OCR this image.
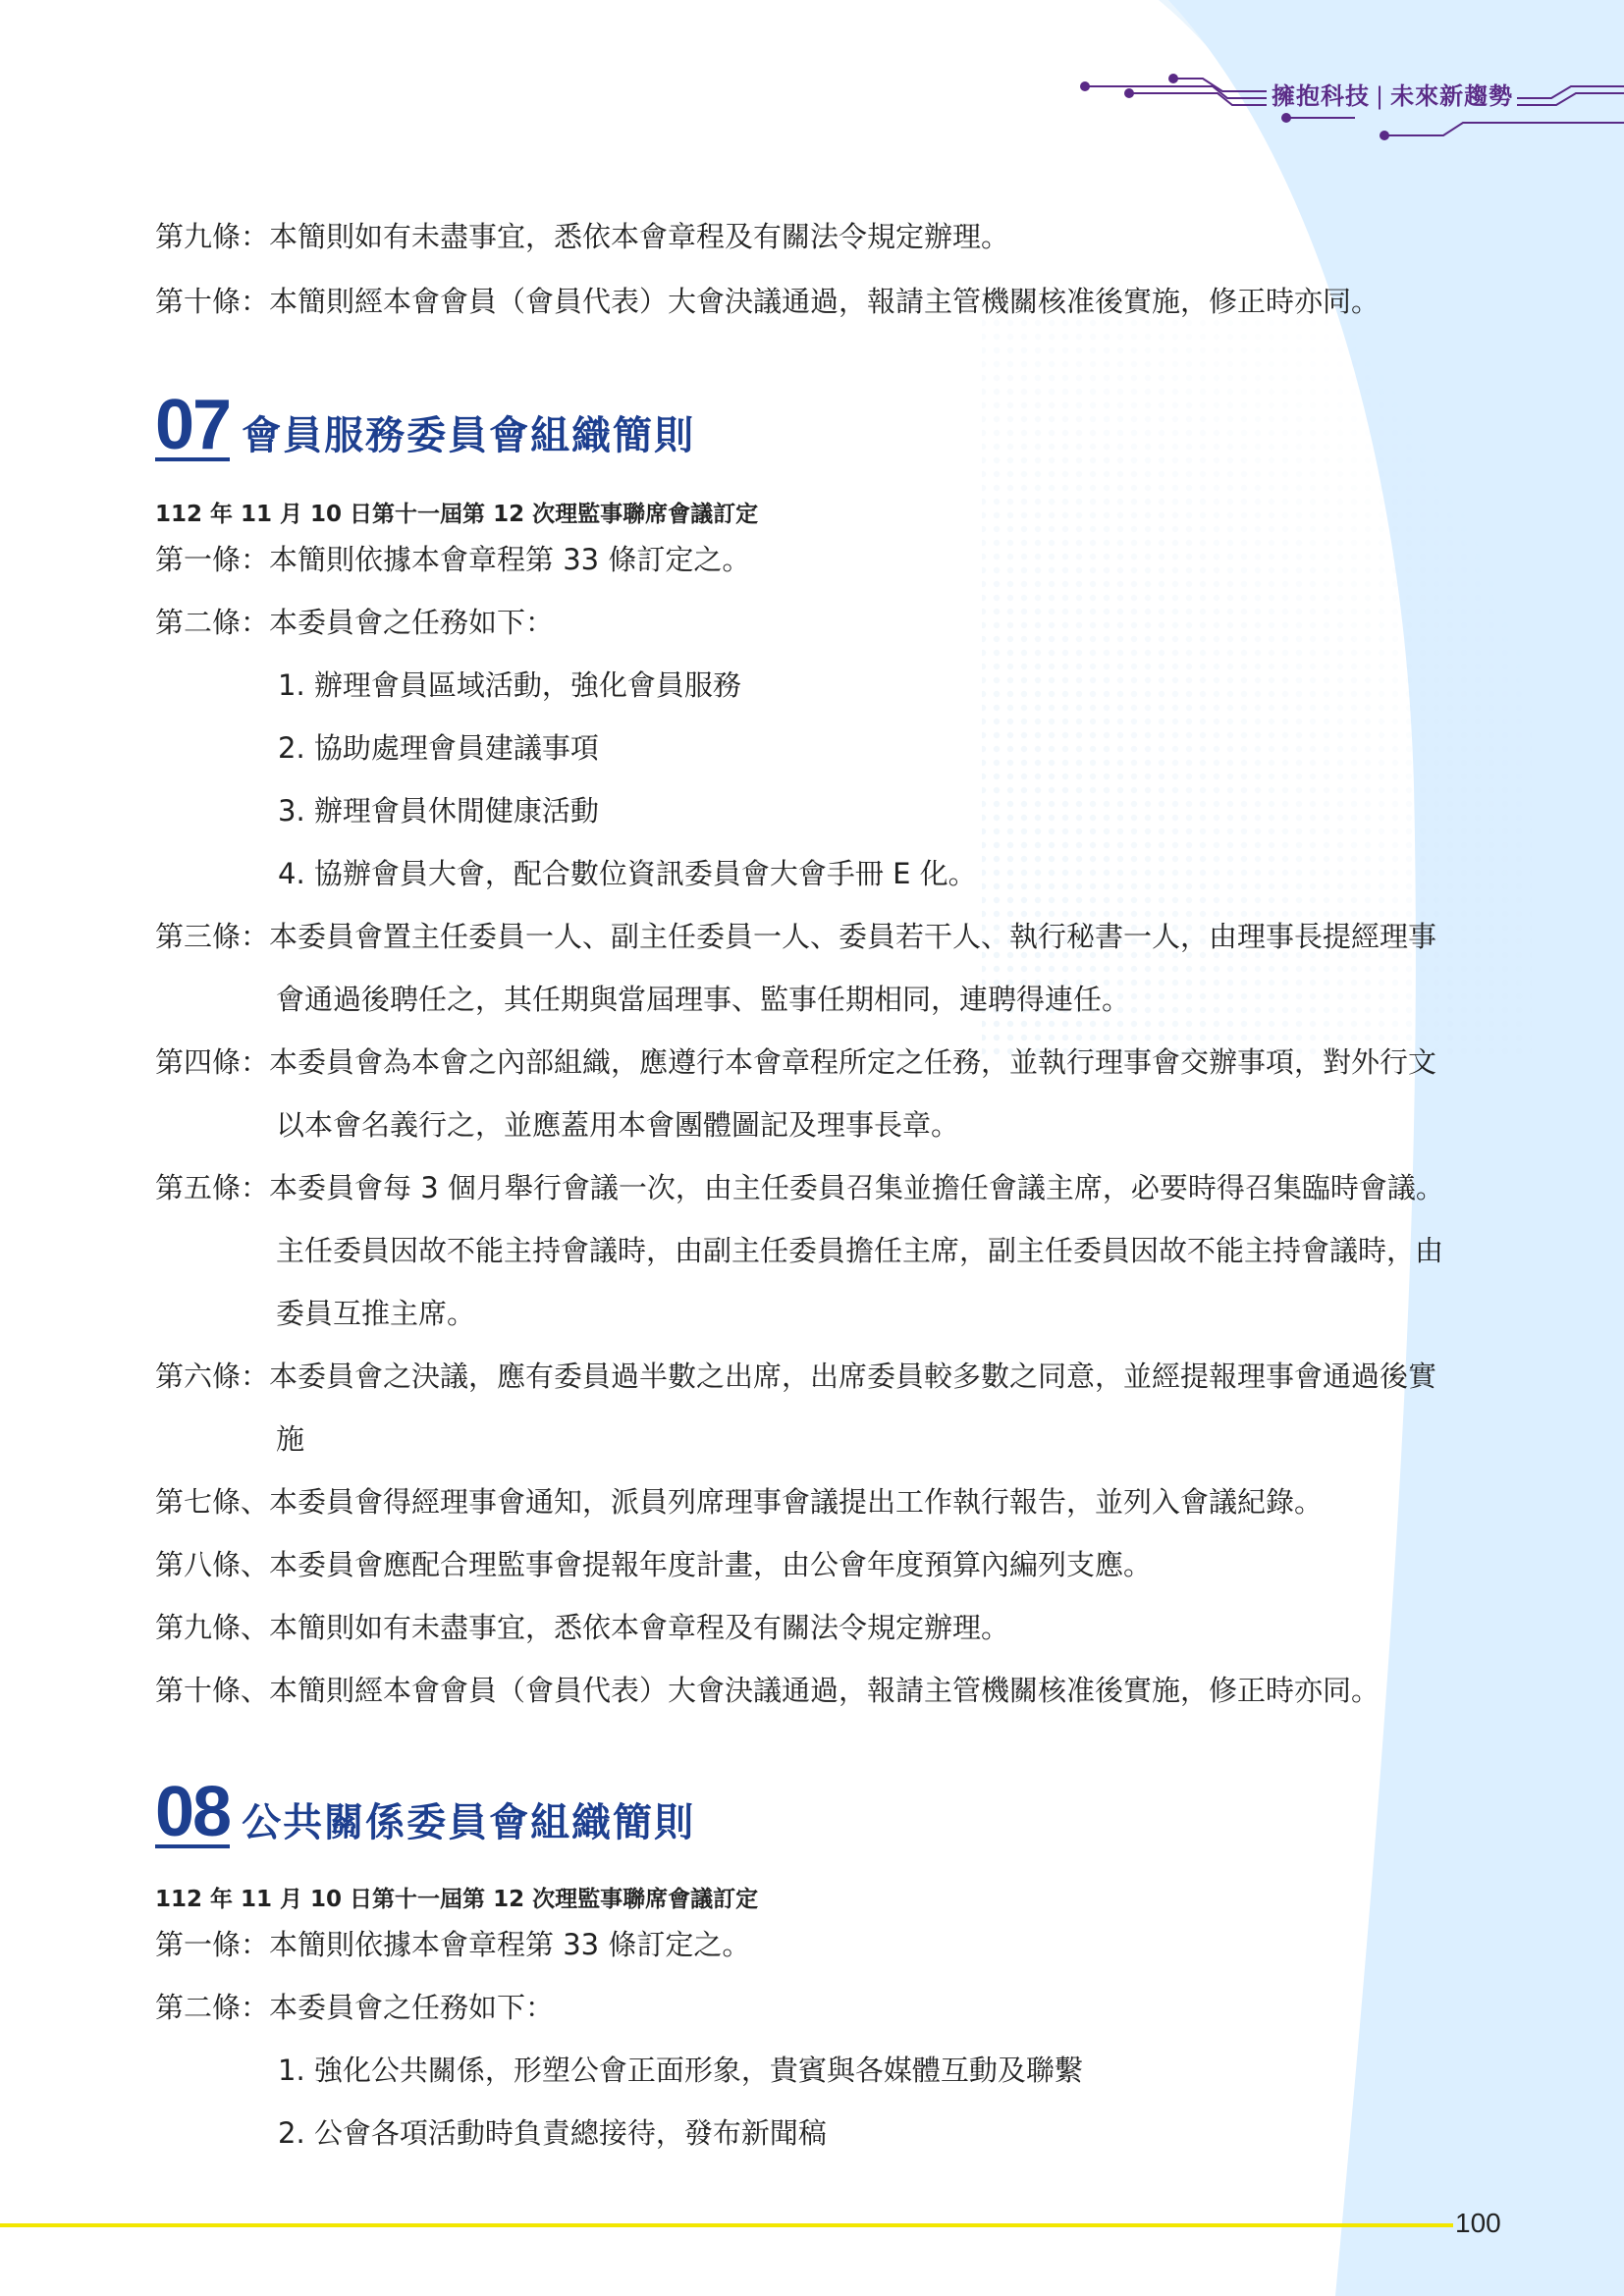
擁抱科技 | 未來新趨勢
第九條：本簡則如有未盡事宜，悉依本會章程及有關法令規定辦理。
第十條：本簡則經本會會員（會員代表）大會決議通過，報請主管機關核准後實施，修正時亦同。
07 會員服務委員會組織簡則
112 年 11 月 10 日第十一屆第 12 次理監事聯席會議訂定
第一條：本簡則依據本會章程第 33 條訂定之。
第二條：本委員會之任務如下：
1. 辦理會員區域活動，強化會員服務
2. 協助處理會員建議事項
3. 辦理會員休閒健康活動
4. 協辦會員大會，配合數位資訊委員會大會手冊 E 化。
第三條：本委員會置主任委員一人、副主任委員一人、委員若干人、執行秘書一人，由理事長提經理事
會通過後聘任之，其任期與當屆理事、監事任期相同，連聘得連任。
第四條：本委員會為本會之內部組織，應遵行本會章程所定之任務，並執行理事會交辦事項，對外行文
以本會名義行之，並應蓋用本會團體圖記及理事長章。
第五條：本委員會每 3 個月舉行會議一次，由主任委員召集並擔任會議主席，必要時得召集臨時會議。
主任委員因故不能主持會議時，由副主任委員擔任主席，副主任委員因故不能主持會議時，由
委員互推主席。
第六條：本委員會之決議，應有委員過半數之出席，出席委員較多數之同意，並經提報理事會通過後實
施
第七條、本委員會得經理事會通知，派員列席理事會議提出工作執行報告，並列入會議紀錄。
第八條、本委員會應配合理監事會提報年度計畫，由公會年度預算內編列支應。
第九條、本簡則如有未盡事宜，悉依本會章程及有關法令規定辦理。
第十條、本簡則經本會會員（會員代表）大會決議通過，報請主管機關核准後實施，修正時亦同。
08 公共關係委員會組織簡則
112 年 11 月 10 日第十一屆第 12 次理監事聯席會議訂定
第一條：本簡則依據本會章程第 33 條訂定之。
第二條：本委員會之任務如下：
1. 強化公共關係，形塑公會正面形象，貴賓與各媒體互動及聯繫
2. 公會各項活動時負責總接待，發布新聞稿
100
